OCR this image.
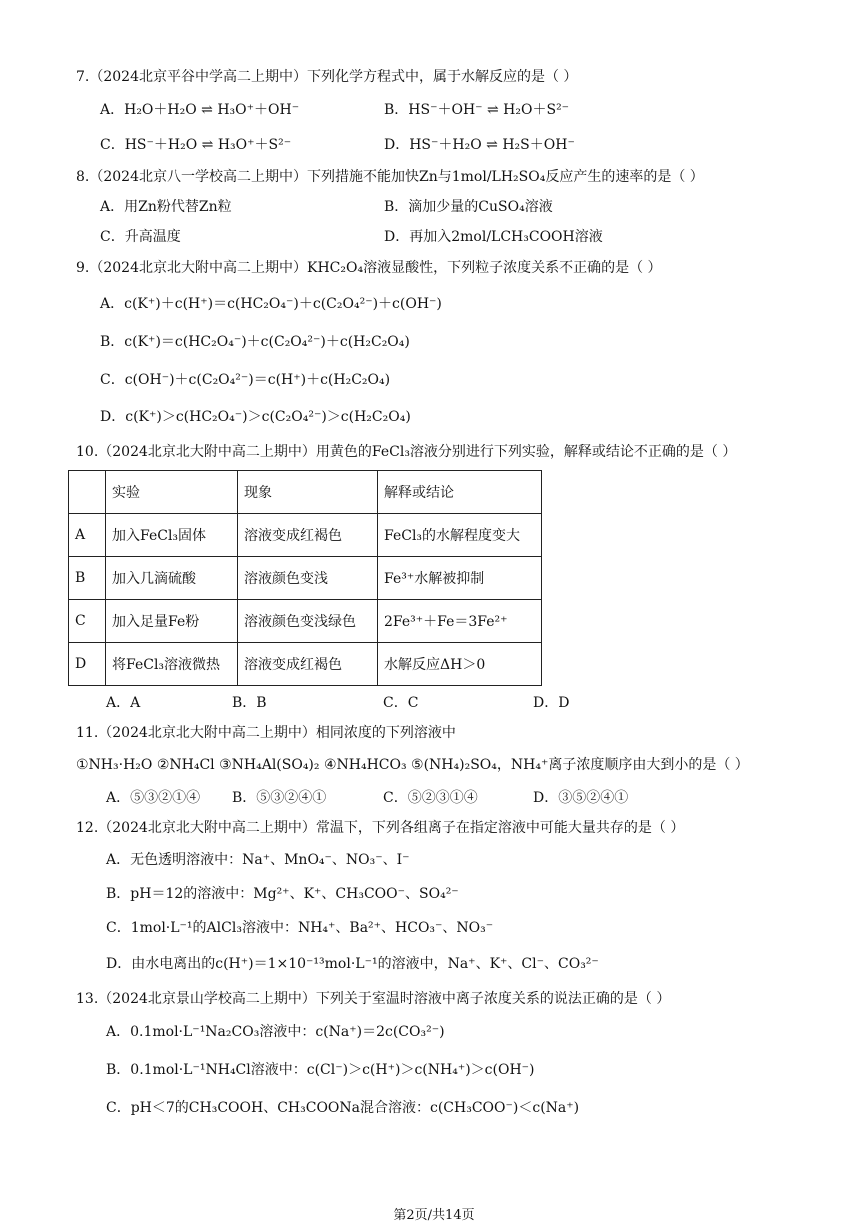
7.（2024北京平谷中学高二上期中）下列化学方程式中，属于水解反应的是（ ）
A．H₂O＋H₂O ⇌ H₃O⁺＋OH⁻	B．HS⁻＋OH⁻ ⇌ H₂O＋S²⁻
C．HS⁻＋H₂O ⇌ H₃O⁺＋S²⁻	D．HS⁻＋H₂O ⇌ H₂S＋OH⁻
8.（2024北京八一学校高二上期中）下列措施不能加快Zn与1mol/LH₂SO₄反应产生的速率的是（ ）
A．用Zn粉代替Zn粒	B．滴加少量的CuSO₄溶液
C．升高温度	D．再加入2mol/LCH₃COOH溶液
9.（2024北京北大附中高二上期中）KHC₂O₄溶液显酸性，下列粒子浓度关系不正确的是（ ）
A．c(K⁺)＋c(H⁺)＝c(HC₂O₄⁻)＋c(C₂O₄²⁻)＋c(OH⁻)
B．c(K⁺)＝c(HC₂O₄⁻)＋c(C₂O₄²⁻)＋c(H₂C₂O₄)
C．c(OH⁻)＋c(C₂O₄²⁻)＝c(H⁺)＋c(H₂C₂O₄)
D．c(K⁺)＞c(HC₂O₄⁻)＞c(C₂O₄²⁻)＞c(H₂C₂O₄)
10.（2024北京北大附中高二上期中）用黄色的FeCl₃溶液分别进行下列实验，解释或结论不正确的是（ ）
	实验	现象	解释或结论
A	加入FeCl₃固体	溶液变成红褐色	FeCl₃的水解程度变大
B	加入几滴硫酸	溶液颜色变浅	Fe³⁺水解被抑制
C	加入足量Fe粉	溶液颜色变浅绿色	2Fe³⁺＋Fe＝3Fe²⁺
D	将FeCl₃溶液微热	溶液变成红褐色	水解反应ΔH＞0
A．A	B．B	C．C	D．D
11.（2024北京北大附中高二上期中）相同浓度的下列溶液中
①NH₃·H₂O ②NH₄Cl ③NH₄Al(SO₄)₂ ④NH₄HCO₃ ⑤(NH₄)₂SO₄，NH₄⁺离子浓度顺序由大到小的是（ ）
A．⑤③②①④ B．⑤③②④①	C．⑤②③①④	D．③⑤②④①
12.（2024北京北大附中高二上期中）常温下，下列各组离子在指定溶液中可能大量共存的是（ ）
A．无色透明溶液中：Na⁺、MnO₄⁻、NO₃⁻、I⁻
B．pH＝12的溶液中：Mg²⁺、K⁺、CH₃COO⁻、SO₄²⁻
C．1mol·L⁻¹的AlCl₃溶液中：NH₄⁺、Ba²⁺、HCO₃⁻、NO₃⁻
D．由水电离出的c(H⁺)＝1×10⁻¹³mol·L⁻¹的溶液中，Na⁺、K⁺、Cl⁻、CO₃²⁻
13.（2024北京景山学校高二上期中）下列关于室温时溶液中离子浓度关系的说法正确的是（ ）
A．0.1mol·L⁻¹Na₂CO₃溶液中：c(Na⁺)＝2c(CO₃²⁻)
B．0.1mol·L⁻¹NH₄Cl溶液中：c(Cl⁻)＞c(H⁺)＞c(NH₄⁺)＞c(OH⁻)
C．pH＜7的CH₃COOH、CH₃COONa混合溶液：c(CH₃COO⁻)＜c(Na⁺)
第2页/共14页
